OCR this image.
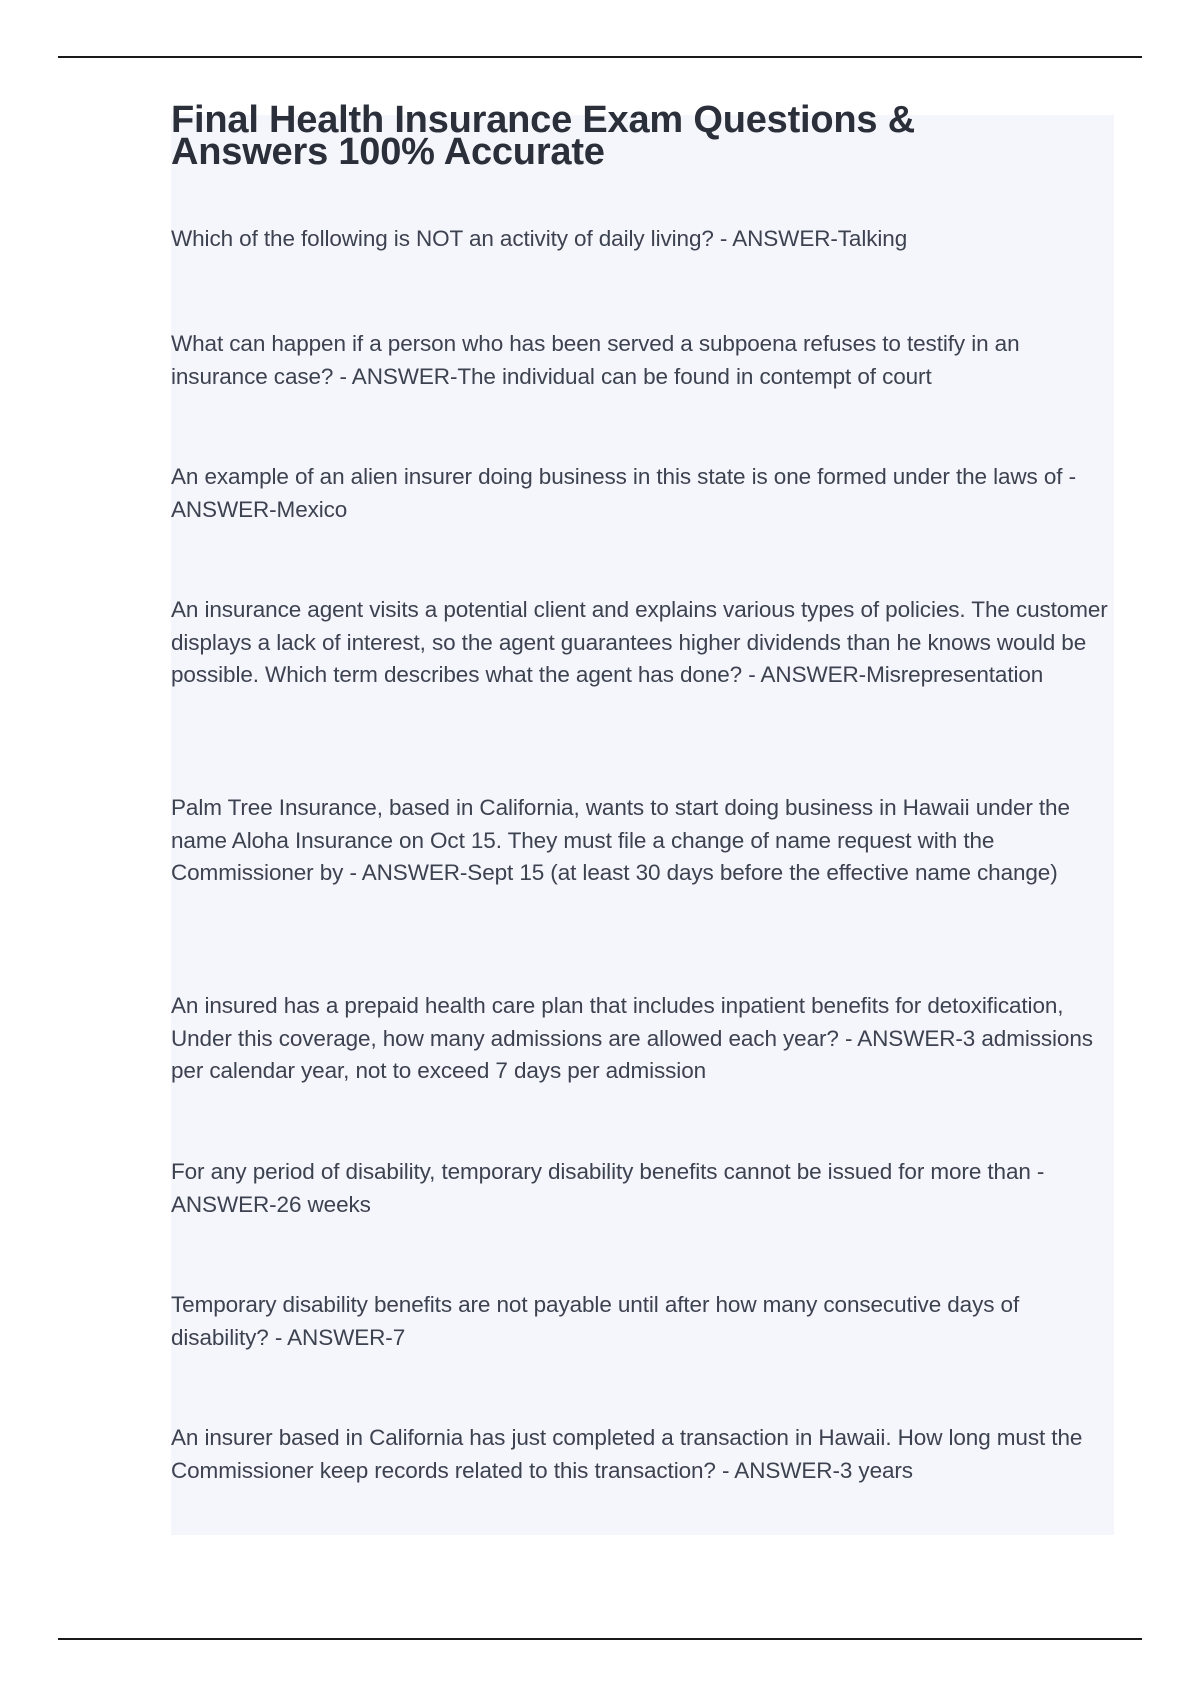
Final Health Insurance Exam Questions & Answers 100% Accurate
Which of the following is NOT an activity of daily living? - ANSWER-Talking
What can happen if a person who has been served a subpoena refuses to testify in an insurance case? - ANSWER-The individual can be found in contempt of court
An example of an alien insurer doing business in this state is one formed under the laws of - ANSWER-Mexico
An insurance agent visits a potential client and explains various types of policies. The customer displays a lack of interest, so the agent guarantees higher dividends than he knows would be possible. Which term describes what the agent has done? - ANSWER-Misrepresentation
Palm Tree Insurance, based in California, wants to start doing business in Hawaii under the name Aloha Insurance on Oct 15. They must file a change of name request with the Commissioner by - ANSWER-Sept 15 (at least 30 days before the effective name change)
An insured has a prepaid health care plan that includes inpatient benefits for detoxification, Under this coverage, how many admissions are allowed each year? - ANSWER-3 admissions per calendar year, not to exceed 7 days per admission
For any period of disability, temporary disability benefits cannot be issued for more than - ANSWER-26 weeks
Temporary disability benefits are not payable until after how many consecutive days of disability? - ANSWER-7
An insurer based in California has just completed a transaction in Hawaii. How long must the Commissioner keep records related to this transaction? - ANSWER-3 years
